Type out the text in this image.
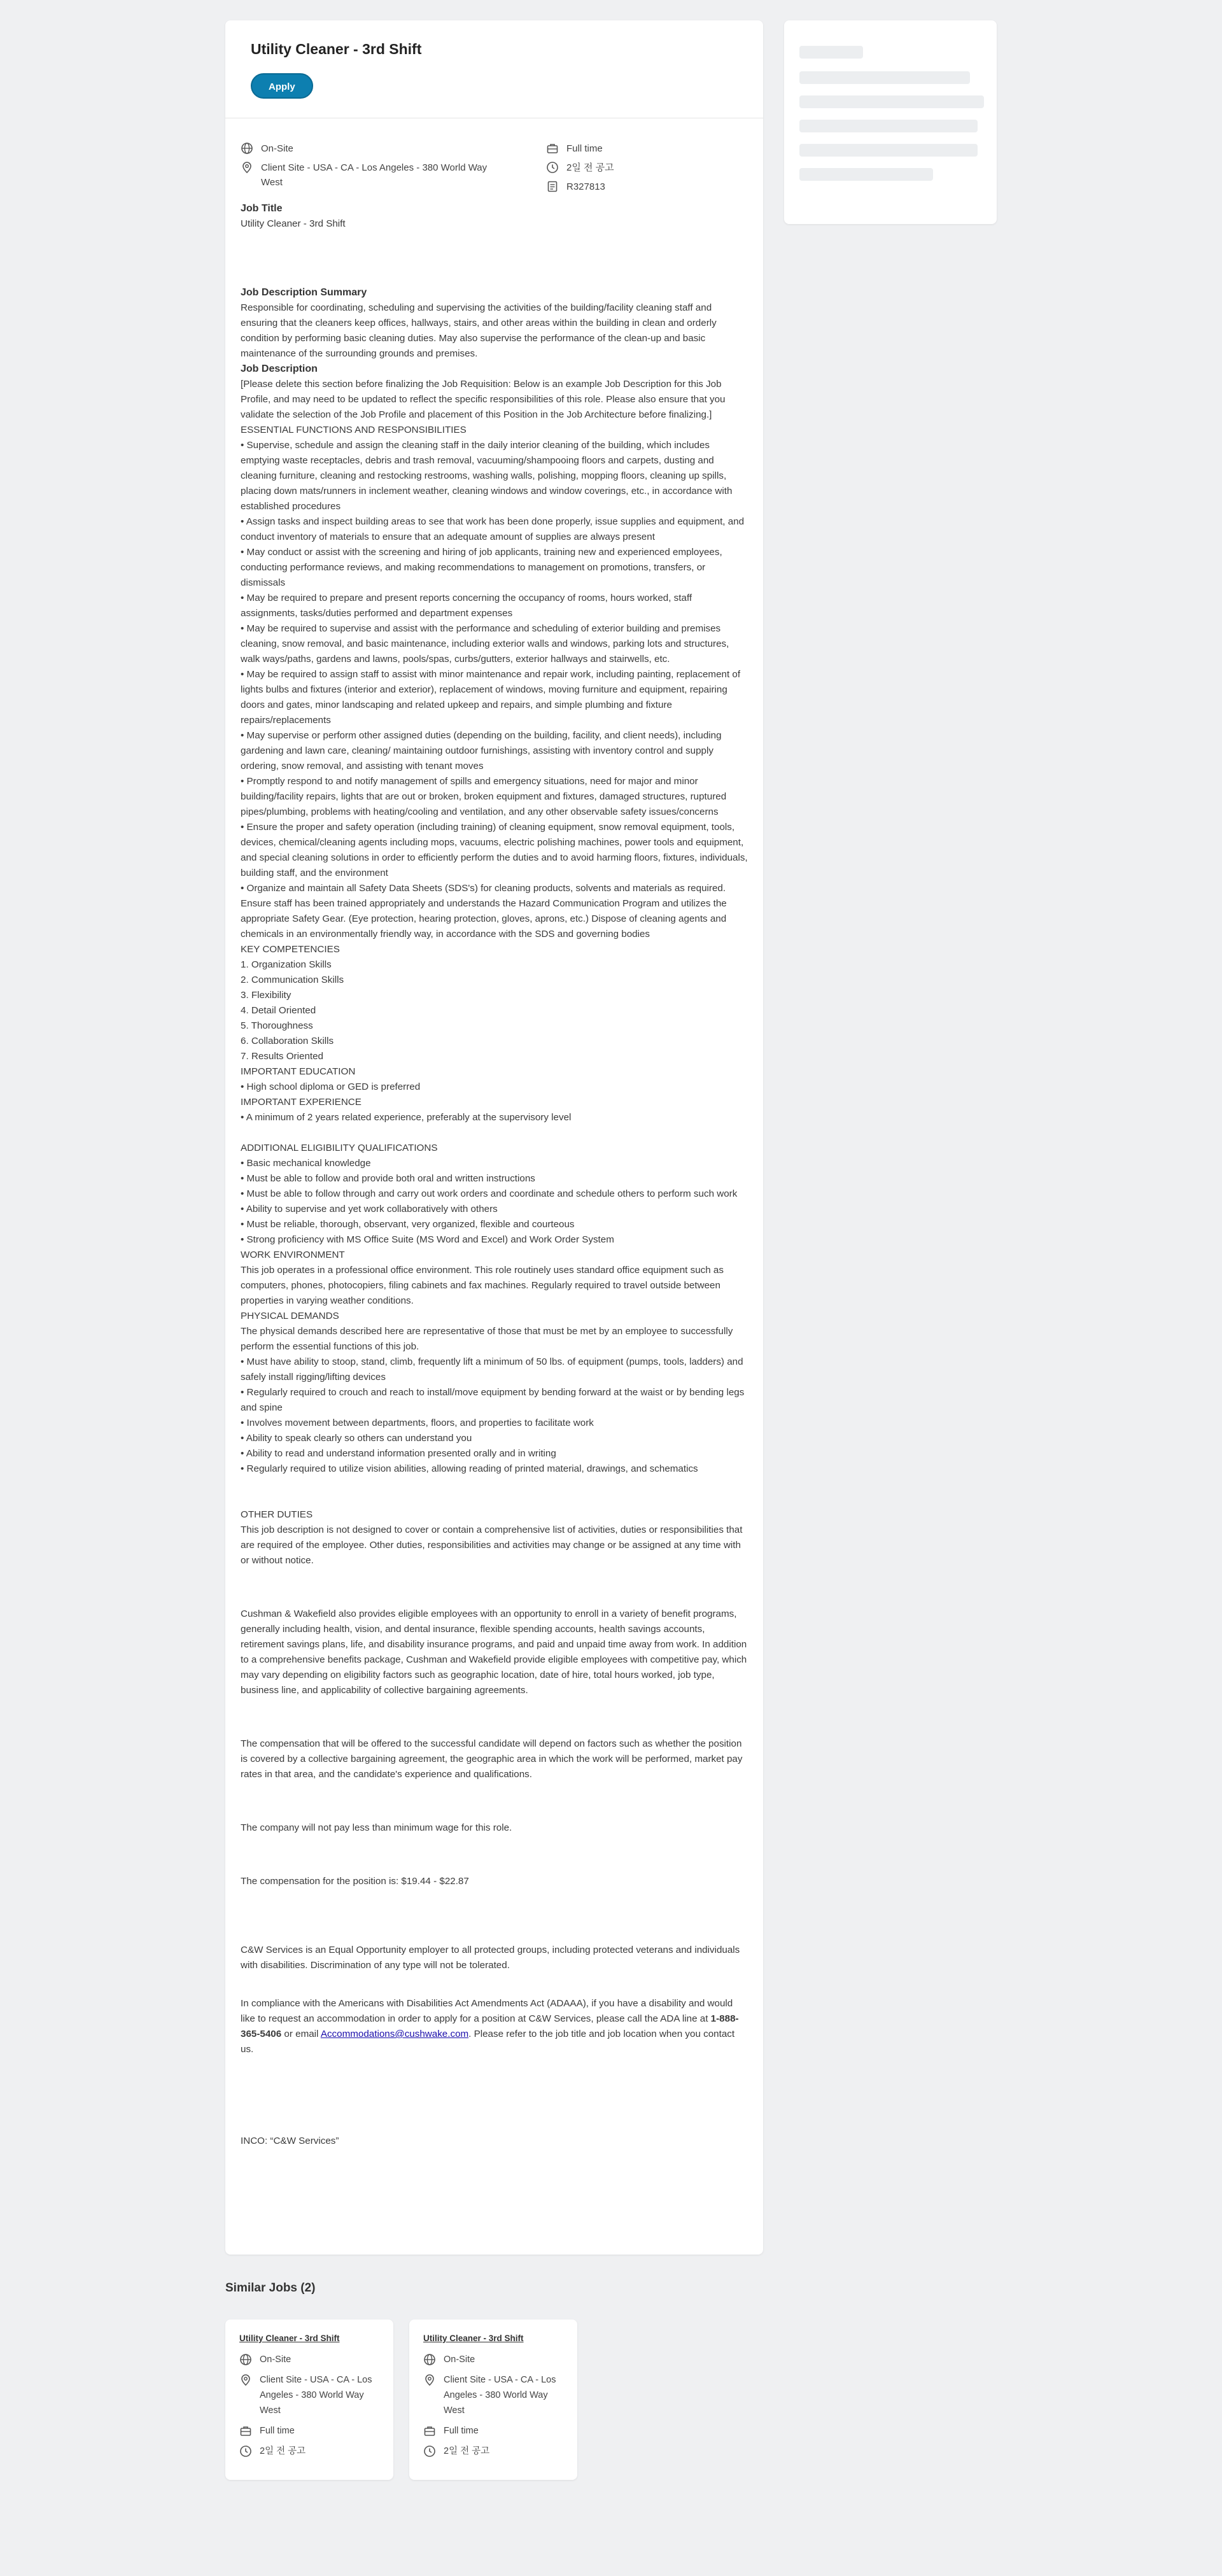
Utility Cleaner - 3rd Shift
Apply
On-Site
Client Site - USA - CA - Los Angeles - 380 World Way West
Full time
2일 전 공고
R327813

Job Title

Utility Cleaner - 3rd Shift

Job Description Summary

Responsible for coordinating, scheduling and supervising the activities of the building/facility cleaning staff and ensuring that the cleaners keep offices, hallways, stairs, and other areas within the building in clean and orderly condition by performing basic cleaning duties. May also supervise the performance of the clean-up and basic maintenance of the surrounding grounds and premises.

Job Description

[Please delete this section before finalizing the Job Requisition: Below is an example Job Description for this Job Profile, and may need to be updated to reflect the specific responsibilities of this role. Please also ensure that you validate the selection of the Job Profile and placement of this Position in the Job Architecture before finalizing.]

ESSENTIAL FUNCTIONS AND RESPONSIBILITIES

• Supervise, schedule and assign the cleaning staff in the daily interior cleaning of the building, which includes emptying waste receptacles, debris and trash removal, vacuuming/shampooing floors and carpets, dusting and cleaning furniture, cleaning and restocking restrooms, washing walls, polishing, mopping floors, cleaning up spills, placing down mats/runners in inclement weather, cleaning windows and window coverings, etc., in accordance with established procedures

• Assign tasks and inspect building areas to see that work has been done properly, issue supplies and equipment, and conduct inventory of materials to ensure that an adequate amount of supplies are always present

• May conduct or assist with the screening and hiring of job applicants, training new and experienced employees, conducting performance reviews, and making recommendations to management on promotions, transfers, or dismissals

• May be required to prepare and present reports concerning the occupancy of rooms, hours worked, staff assignments, tasks/duties performed and department expenses

• May be required to supervise and assist with the performance and scheduling of exterior building and premises cleaning, snow removal, and basic maintenance, including exterior walls and windows, parking lots and structures, walk ways/paths, gardens and lawns, pools/spas, curbs/gutters, exterior hallways and stairwells, etc.

• May be required to assign staff to assist with minor maintenance and repair work, including painting, replacement of lights bulbs and fixtures (interior and exterior), replacement of windows, moving furniture and equipment, repairing doors and gates, minor landscaping and related upkeep and repairs, and simple plumbing and fixture repairs/replacements

• May supervise or perform other assigned duties (depending on the building, facility, and client needs), including gardening and lawn care, cleaning/ maintaining outdoor furnishings, assisting with inventory control and supply ordering, snow removal, and assisting with tenant moves

• Promptly respond to and notify management of spills and emergency situations, need for major and minor building/facility repairs, lights that are out or broken, broken equipment and fixtures, damaged structures, ruptured pipes/plumbing, problems with heating/cooling and ventilation, and any other observable safety issues/concerns

• Ensure the proper and safety operation (including training) of cleaning equipment, snow removal equipment, tools, devices, chemical/cleaning agents including mops, vacuums, electric polishing machines, power tools and equipment, and special cleaning solutions in order to efficiently perform the duties and to avoid harming floors, fixtures, individuals, building staff, and the environment

• Organize and maintain all Safety Data Sheets (SDS's) for cleaning products, solvents and materials as required. Ensure staff has been trained appropriately and understands the Hazard Communication Program and utilizes the appropriate Safety Gear. (Eye protection, hearing protection, gloves, aprons, etc.) Dispose of cleaning agents and chemicals in an environmentally friendly way, in accordance with the SDS and governing bodies

KEY COMPETENCIES

1. Organization Skills

2. Communication Skills

3. Flexibility

4. Detail Oriented

5. Thoroughness

6. Collaboration Skills

7. Results Oriented

IMPORTANT EDUCATION

• High school diploma or GED is preferred

IMPORTANT EXPERIENCE

• A minimum of 2 years related experience, preferably at the supervisory level

ADDITIONAL ELIGIBILITY QUALIFICATIONS

• Basic mechanical knowledge

• Must be able to follow and provide both oral and written instructions

• Must be able to follow through and carry out work orders and coordinate and schedule others to perform such work

• Ability to supervise and yet work collaboratively with others

• Must be reliable, thorough, observant, very organized, flexible and courteous

• Strong proficiency with MS Office Suite (MS Word and Excel) and Work Order System

WORK ENVIRONMENT

This job operates in a professional office environment. This role routinely uses standard office equipment such as computers, phones, photocopiers, filing cabinets and fax machines. Regularly required to travel outside between properties in varying weather conditions.

PHYSICAL DEMANDS

The physical demands described here are representative of those that must be met by an employee to successfully perform the essential functions of this job.

• Must have ability to stoop, stand, climb, frequently lift a minimum of 50 lbs. of equipment (pumps, tools, ladders) and safely install rigging/lifting devices

• Regularly required to crouch and reach to install/move equipment by bending forward at the waist or by bending legs and spine

• Involves movement between departments, floors, and properties to facilitate work

• Ability to speak clearly so others can understand you

• Ability to read and understand information presented orally and in writing

• Regularly required to utilize vision abilities, allowing reading of printed material, drawings, and schematics

OTHER DUTIES

This job description is not designed to cover or contain a comprehensive list of activities, duties or responsibilities that are required of the employee. Other duties, responsibilities and activities may change or be assigned at any time with or without notice.

Cushman & Wakefield also provides eligible employees with an opportunity to enroll in a variety of benefit programs, generally including health, vision, and dental insurance, flexible spending accounts, health savings accounts, retirement savings plans, life, and disability insurance programs, and paid and unpaid time away from work. In addition to a comprehensive benefits package, Cushman and Wakefield provide eligible employees with competitive pay, which may vary depending on eligibility factors such as geographic location, date of hire, total hours worked, job type, business line, and applicability of collective bargaining agreements.

The compensation that will be offered to the successful candidate will depend on factors such as whether the position is covered by a collective bargaining agreement, the geographic area in which the work will be performed, market pay rates in that area, and the candidate's experience and qualifications.

The company will not pay less than minimum wage for this role.

The compensation for the position is: $19.44 - $22.87

C&W Services is an Equal Opportunity employer to all protected groups, including protected veterans and individuals with disabilities. Discrimination of any type will not be tolerated.

In compliance with the Americans with Disabilities Act Amendments Act (ADAAA), if you have a disability and would like to request an accommodation in order to apply for a position at C&W Services, please call the ADA line at 1-888-365-5406 or email Accommodations@cushwake.com. Please refer to the job title and job location when you contact us.

INCO: “C&W Services”

Similar Jobs (2)
Utility Cleaner - 3rd Shift
On-Site
Client Site - USA - CA - Los Angeles - 380 World Way West
Full time
2일 전 공고
Utility Cleaner - 3rd Shift
On-Site
Client Site - USA - CA - Los Angeles - 380 World Way West
Full time
2일 전 공고
